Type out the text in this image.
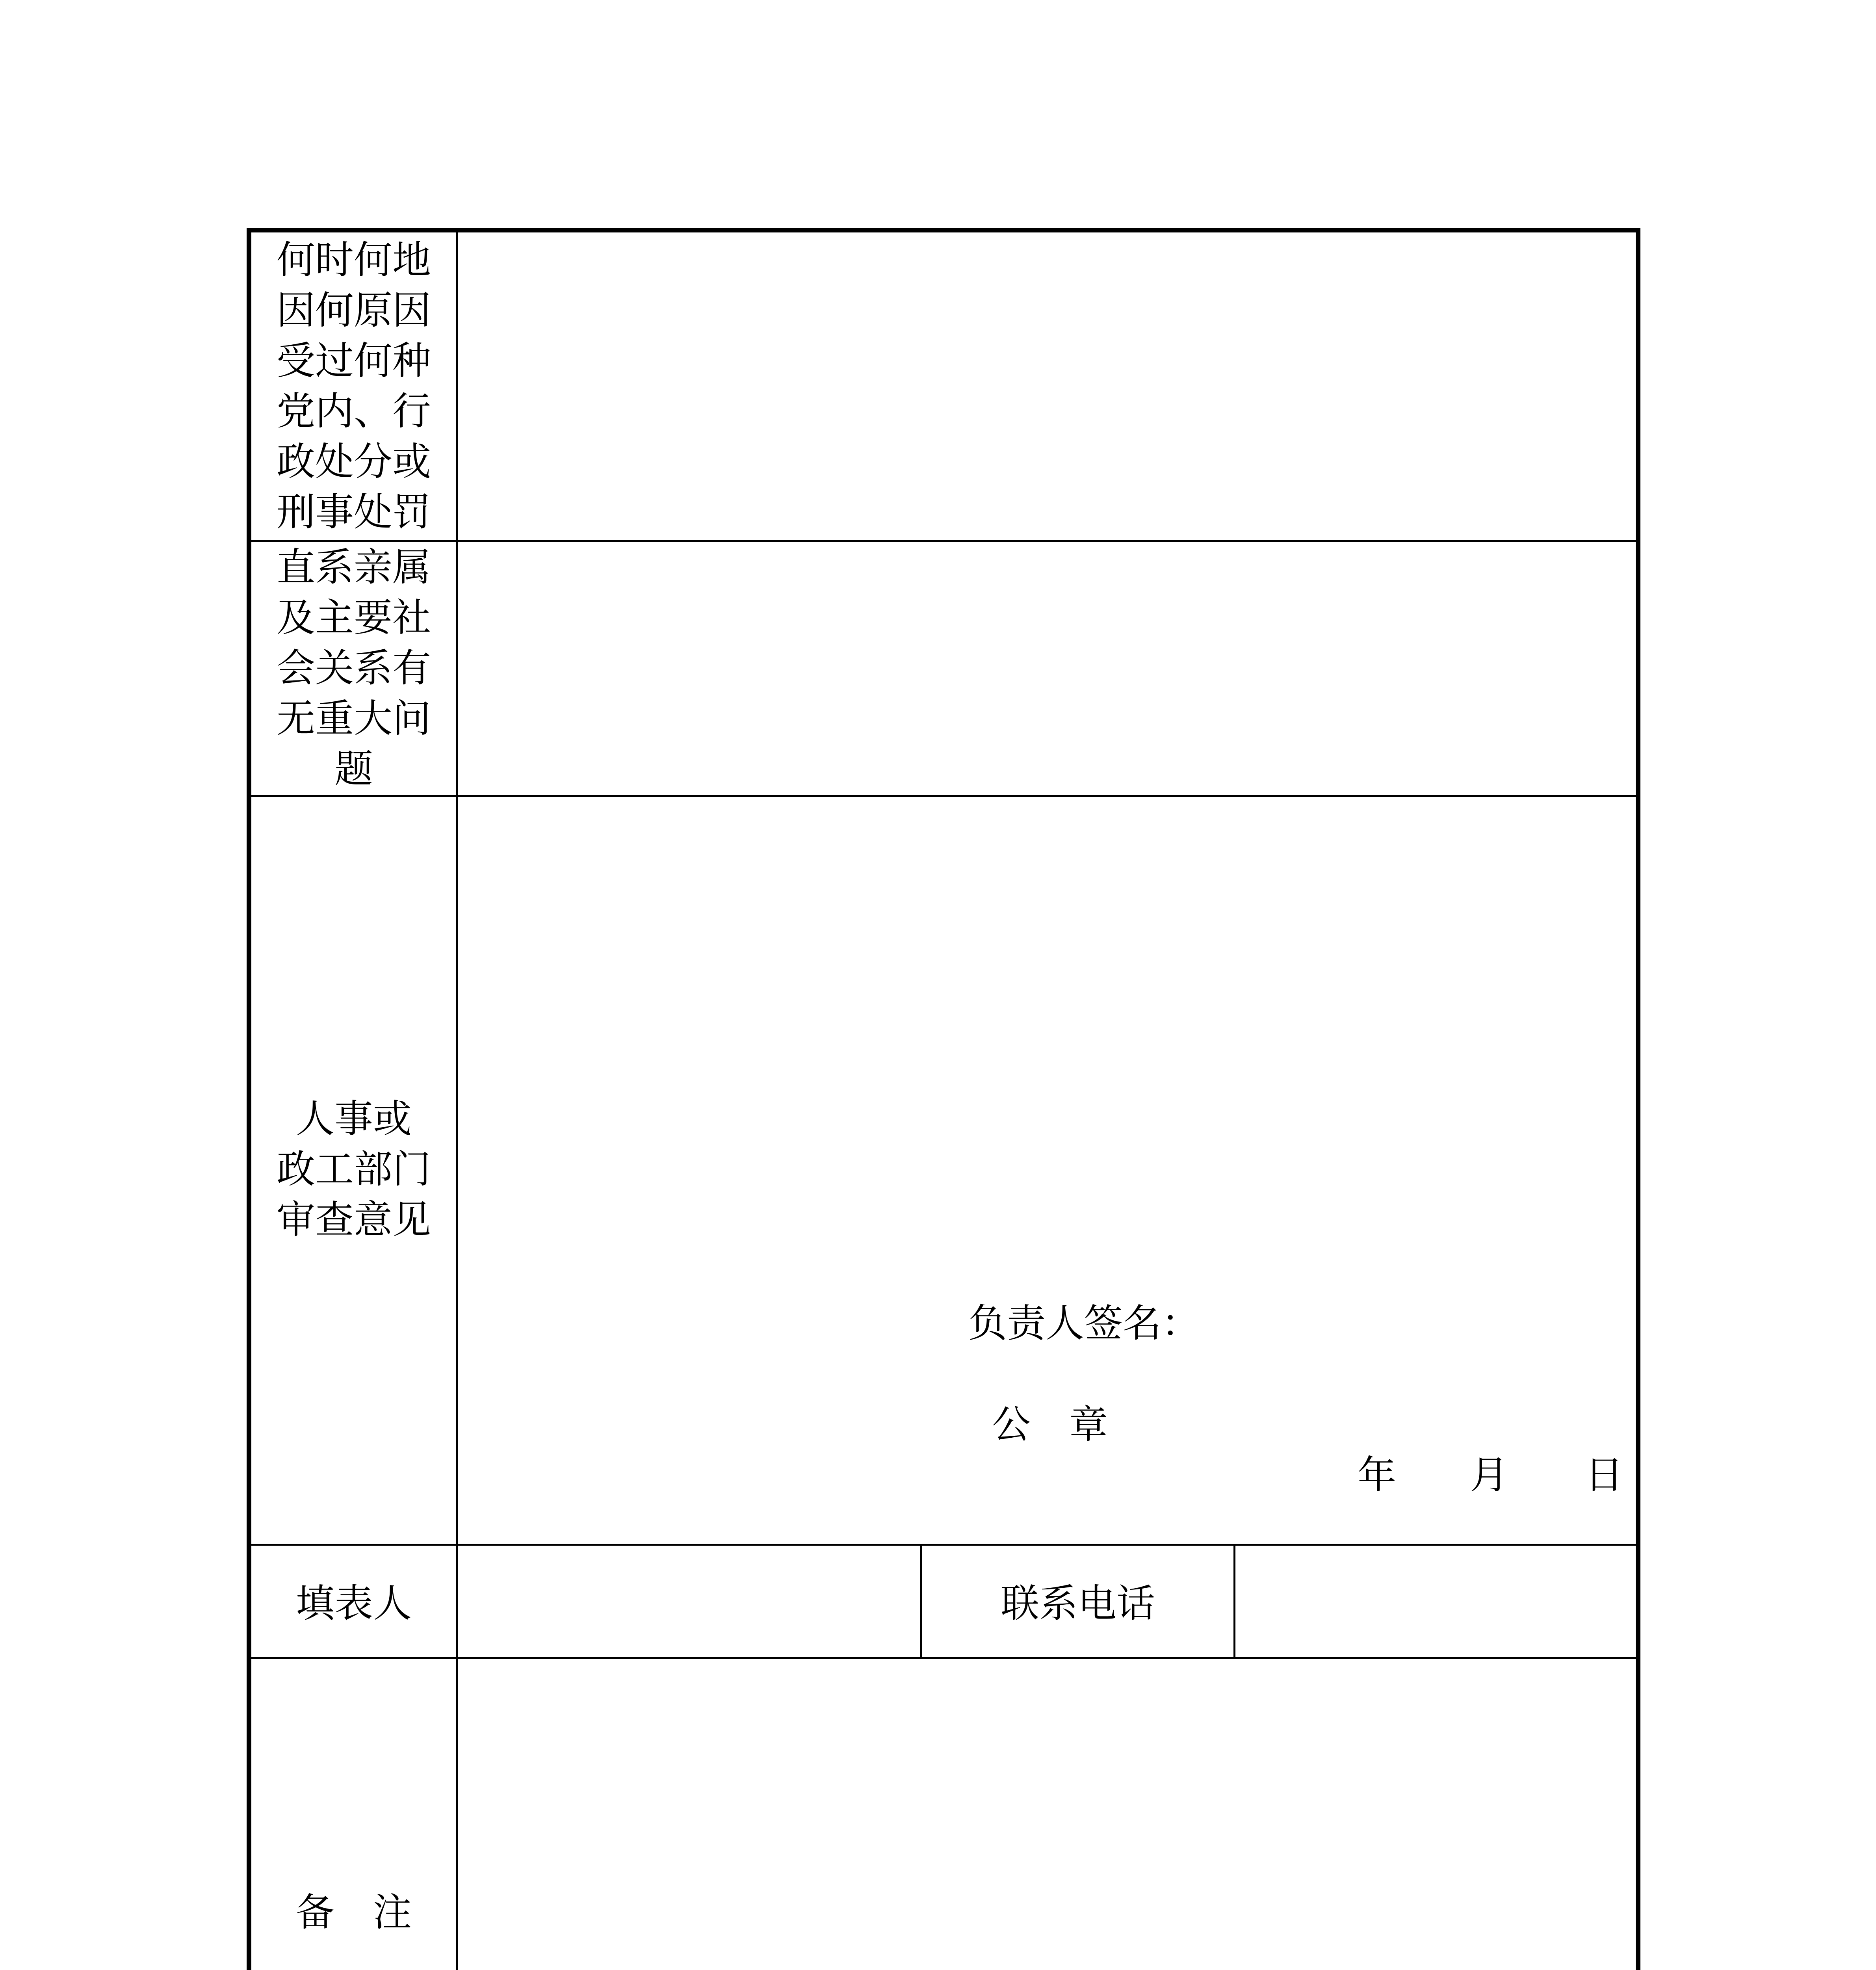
何时何地
因何原因
受过何种
党内、行
政处分或
刑事处罚
直系亲属
及主要社
会关系有
无重大问
题
人事或
政工部门
审查意见
负责人签名：
公　章
年 月 日
填表人	联系电话
备　注
